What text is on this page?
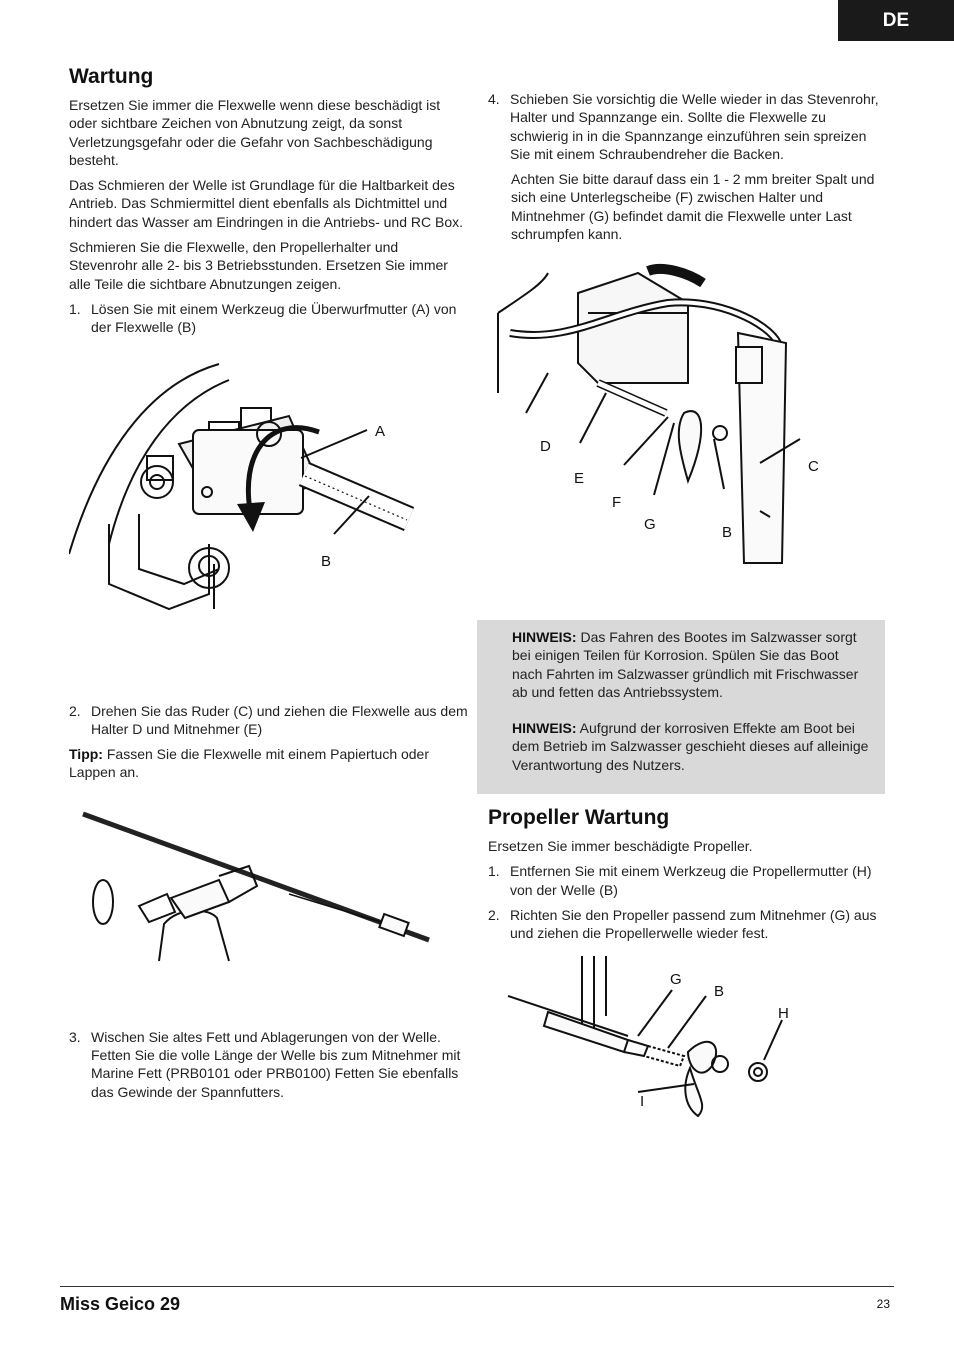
DE
Wartung

Ersetzen Sie immer die Flexwelle wenn diese beschädigt ist oder sichtbare Zeichen von Abnutzung zeigt, da sonst Verletzungsgefahr oder die Gefahr von Sachbeschädigung besteht.

Das Schmieren der Welle ist Grundlage für die Haltbarkeit des Antrieb. Das Schmiermittel dient ebenfalls als Dichtmittel und hindert das Wasser am Eindringen in die Antriebs- und RC Box.

Schmieren Sie die Flexwelle, den Propellerhalter und Stevenrohr alle 2- bis 3 Betriebsstunden. Ersetzen Sie immer alle Teile die sichtbare Abnutzungen zeigen.

1. Lösen Sie mit einem Werkzeug die Überwurfmutter (A) von der Flexwelle (B)
A
B
2. Drehen Sie das Ruder (C) und ziehen die Flexwelle aus dem Halter D und Mitnehmer (E)

Tipp: Fassen Sie die Flexwelle mit einem Papiertuch oder Lappen an.

3. Wischen Sie altes Fett und Ablagerungen von der Welle. Fetten Sie die volle Länge der Welle bis zum Mitnehmer mit Marine Fett (PRB0101 oder PRB0100) Fetten Sie ebenfalls das Gewinde der Spannfutters.
4. Schieben Sie vorsichtig die Welle wieder in das Stevenrohr, Halter und Spannzange ein. Sollte die Flexwelle zu schwierig in in die Spannzange einzuführen sein spreizen Sie mit einem Schraubendreher die Backen.

Achten Sie bitte darauf dass ein 1 - 2 mm breiter Spalt und sich eine Unterlegscheibe (F) zwischen Halter und Mintnehmer (G) befindet damit die Flexwelle unter Last schrumpfen kann.

D
E
F
G	B
C

HINWEIS: Das Fahren des Bootes im Salzwasser sorgt bei einigen Teilen für Korrosion. Spülen Sie das Boot nach Fahrten im Salzwasser gründlich mit Frischwasser ab und fetten das Antriebssystem.

HINWEIS: Aufgrund der korrosiven Effekte am Boot bei dem Betrieb im Salzwasser geschieht dieses auf alleinige Verantwortung des Nutzers.

Propeller Wartung

Ersetzen Sie immer beschädigte Propeller.

1. Entfernen Sie mit einem Werkzeug die Propellermutter (H) von der Welle (B)
2. Richten Sie den Propeller passend zum Mitnehmer (G) aus und ziehen die Propellerwelle wieder fest.
G
B
H
I
Miss Geico 29	23
